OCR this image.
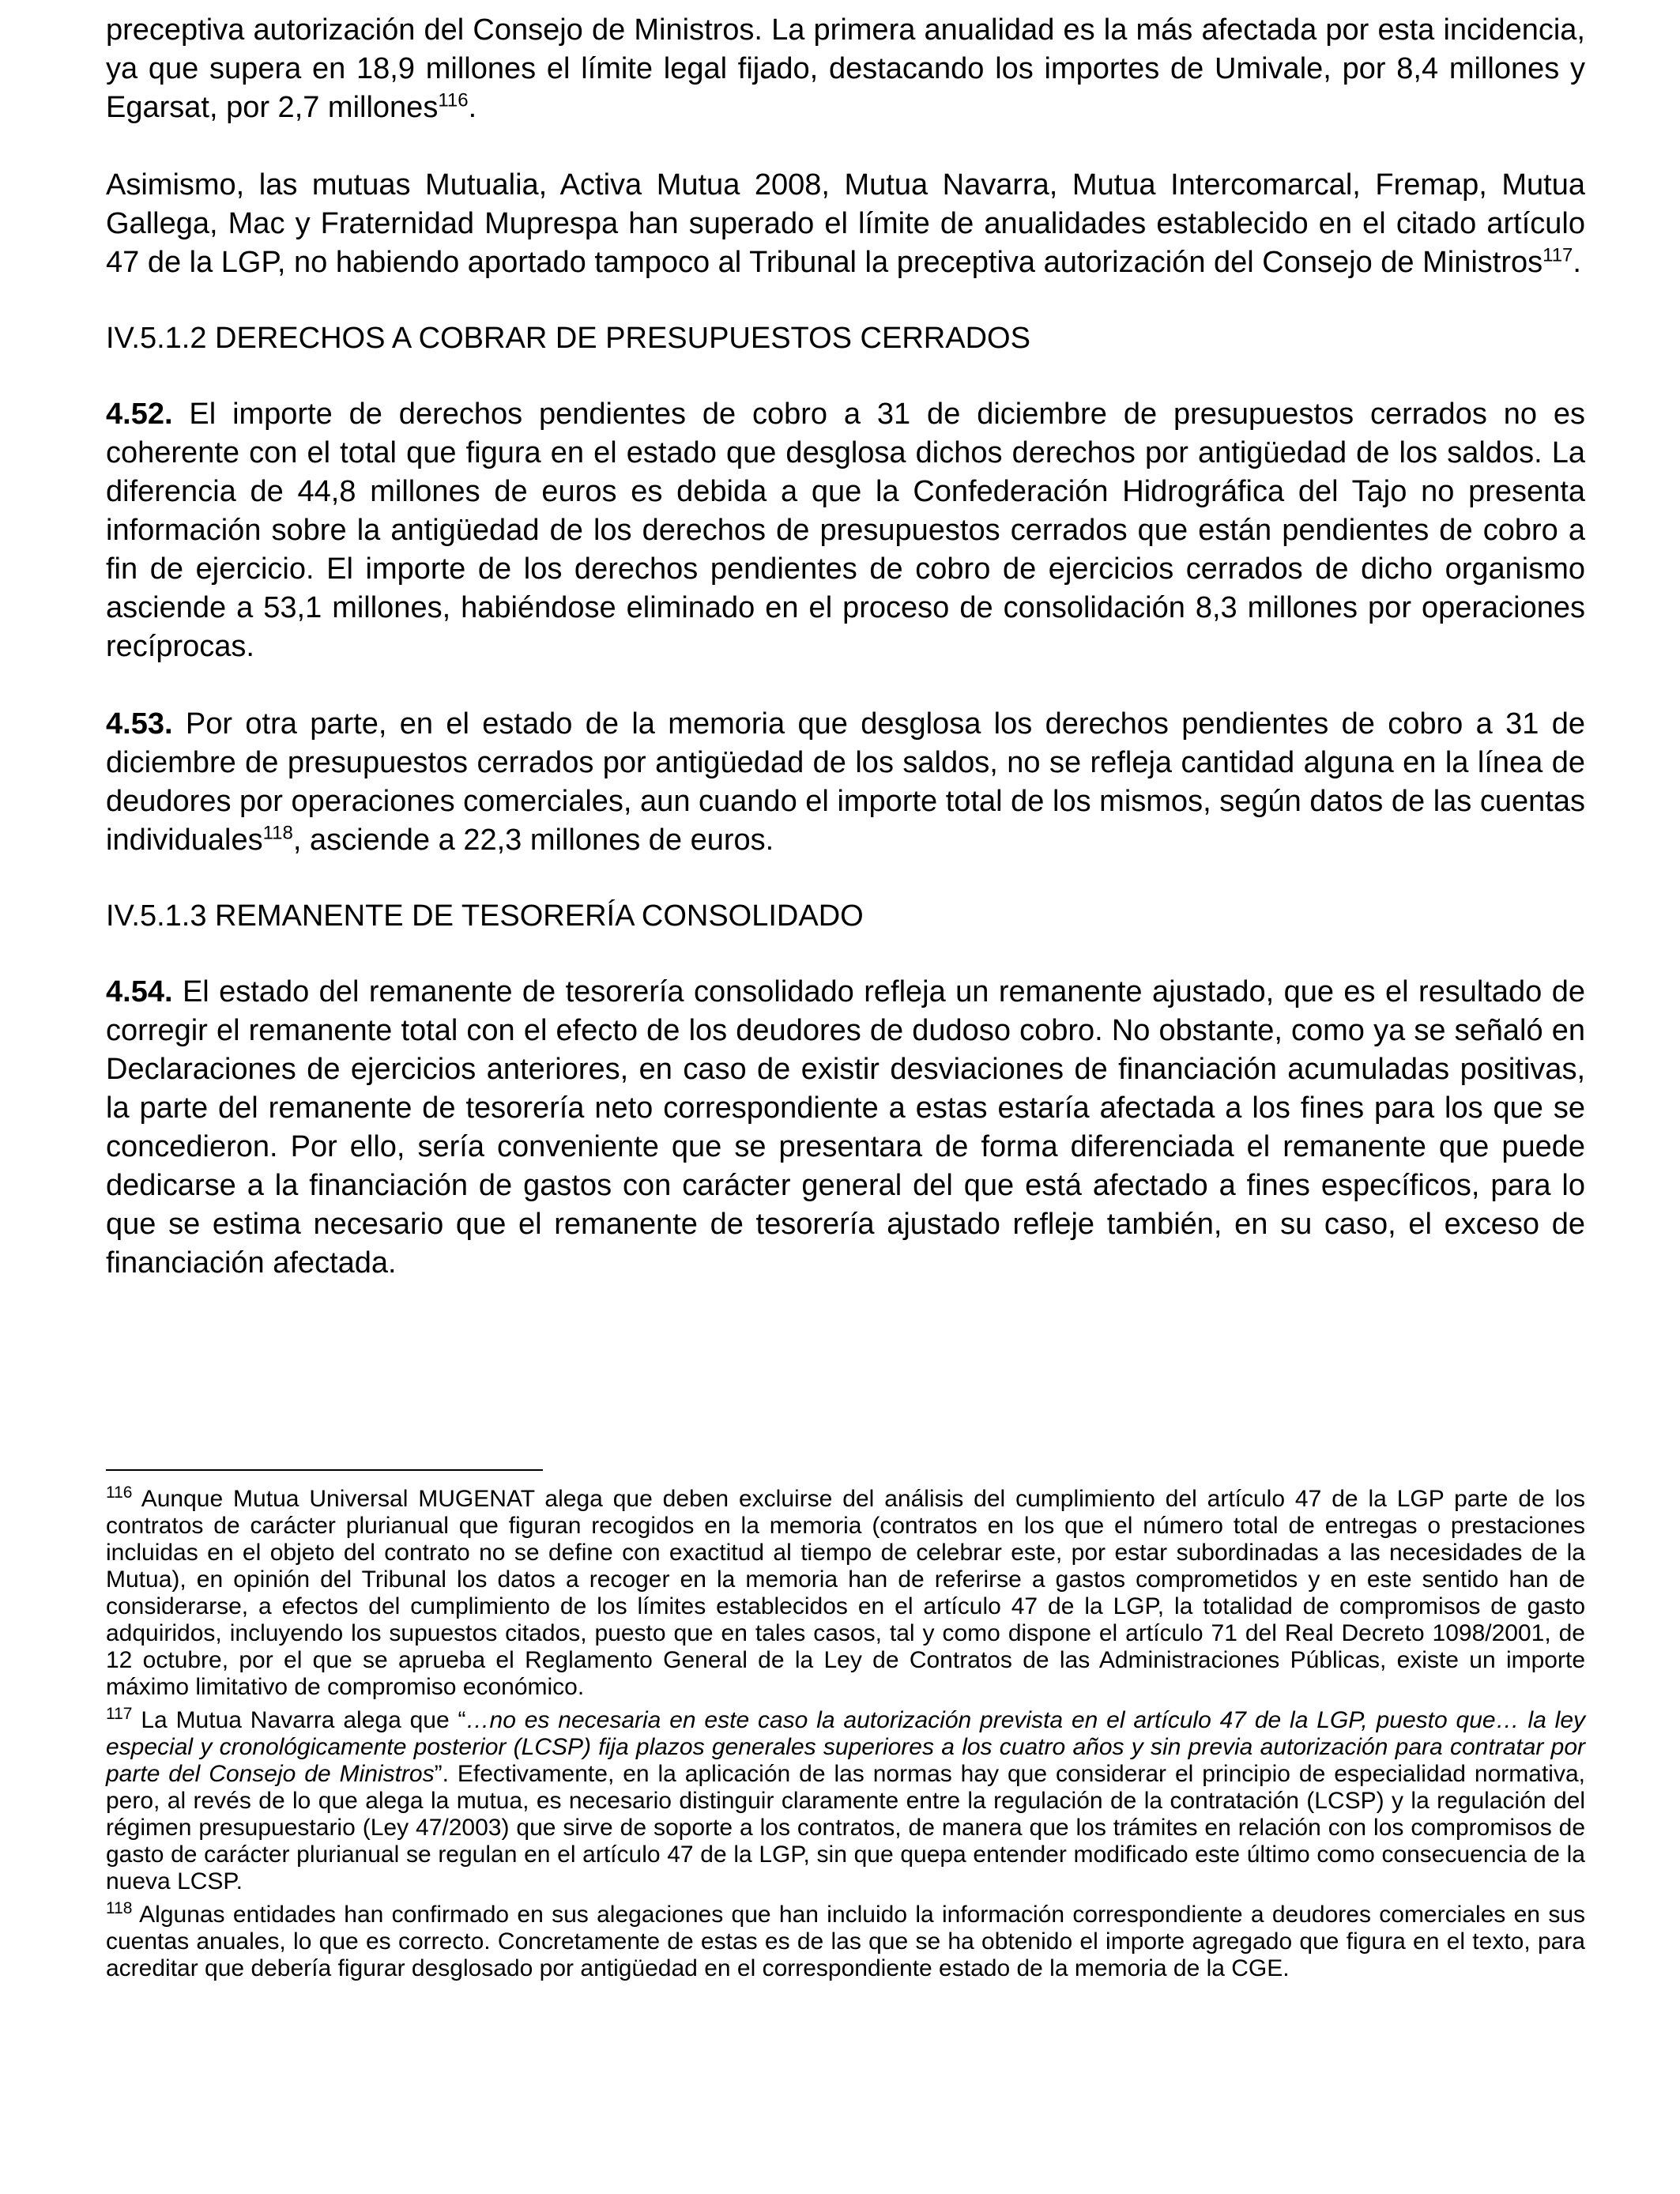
preceptiva autorización del Consejo de Ministros. La primera anualidad es la más afectada por esta incidencia, ya que supera en 18,9 millones el límite legal fijado, destacando los importes de Umivale, por 8,4 millones y Egarsat, por 2,7 millones$^{116}$.

Asimismo, las mutuas Mutualia, Activa Mutua 2008, Mutua Navarra, Mutua Intercomarcal, Fremap, Mutua Gallega, Mac y Fraternidad Muprespa han superado el límite de anualidades establecido en el citado artículo 47 de la LGP, no habiendo aportado tampoco al Tribunal la preceptiva autorización del Consejo de Ministros$^{117}$.

IV.5.1.2 DERECHOS A COBRAR DE PRESUPUESTOS CERRADOS

4.52. El importe de derechos pendientes de cobro a 31 de diciembre de presupuestos cerrados no es coherente con el total que figura en el estado que desglosa dichos derechos por antigüedad de los saldos. La diferencia de 44,8 millones de euros es debida a que la Confederación Hidrográfica del Tajo no presenta información sobre la antigüedad de los derechos de presupuestos cerrados que están pendientes de cobro a fin de ejercicio. El importe de los derechos pendientes de cobro de ejercicios cerrados de dicho organismo asciende a 53,1 millones, habiéndose eliminado en el proceso de consolidación 8,3 millones por operaciones recíprocas.

4.53. Por otra parte, en el estado de la memoria que desglosa los derechos pendientes de cobro a 31 de diciembre de presupuestos cerrados por antigüedad de los saldos, no se refleja cantidad alguna en la línea de deudores por operaciones comerciales, aun cuando el importe total de los mismos, según datos de las cuentas individuales$^{118}$, asciende a 22,3 millones de euros.

IV.5.1.3 REMANENTE DE TESORERÍA CONSOLIDADO

4.54. El estado del remanente de tesorería consolidado refleja un remanente ajustado, que es el resultado de corregir el remanente total con el efecto de los deudores de dudoso cobro. No obstante, como ya se señaló en Declaraciones de ejercicios anteriores, en caso de existir desviaciones de financiación acumuladas positivas, la parte del remanente de tesorería neto correspondiente a estas estaría afectada a los fines para los que se concedieron. Por ello, sería conveniente que se presentara de forma diferenciada el remanente que puede dedicarse a la financiación de gastos con carácter general del que está afectado a fines específicos, para lo que se estima necesario que el remanente de tesorería ajustado refleje también, en su caso, el exceso de financiación afectada.

$^{116}$ Aunque Mutua Universal MUGENAT alega que deben excluirse del análisis del cumplimiento del artículo 47 de la LGP parte de los contratos de carácter plurianual que figuran recogidos en la memoria (contratos en los que el número total de entregas o prestaciones incluidas en el objeto del contrato no se define con exactitud al tiempo de celebrar este, por estar subordinadas a las necesidades de la Mutua), en opinión del Tribunal los datos a recoger en la memoria han de referirse a gastos comprometidos y en este sentido han de considerarse, a efectos del cumplimiento de los límites establecidos en el artículo 47 de la LGP, la totalidad de compromisos de gasto adquiridos, incluyendo los supuestos citados, puesto que en tales casos, tal y como dispone el artículo 71 del Real Decreto 1098/2001, de 12 octubre, por el que se aprueba el Reglamento General de la Ley de Contratos de las Administraciones Públicas, existe un importe máximo limitativo de compromiso económico.

$^{117}$ La Mutua Navarra alega que “…no es necesaria en este caso la autorización prevista en el artículo 47 de la LGP, puesto que… la ley especial y cronológicamente posterior (LCSP) fija plazos generales superiores a los cuatro años y sin previa autorización para contratar por parte del Consejo de Ministros”. Efectivamente, en la aplicación de las normas hay que considerar el principio de especialidad normativa, pero, al revés de lo que alega la mutua, es necesario distinguir claramente entre la regulación de la contratación (LCSP) y la regulación del régimen presupuestario (Ley 47/2003) que sirve de soporte a los contratos, de manera que los trámites en relación con los compromisos de gasto de carácter plurianual se regulan en el artículo 47 de la LGP, sin que quepa entender modificado este último como consecuencia de la nueva LCSP.

$^{118}$ Algunas entidades han confirmado en sus alegaciones que han incluido la información correspondiente a deudores comerciales en sus cuentas anuales, lo que es correcto. Concretamente de estas es de las que se ha obtenido el importe agregado que figura en el texto, para acreditar que debería figurar desglosado por antigüedad en el correspondiente estado de la memoria de la CGE.
